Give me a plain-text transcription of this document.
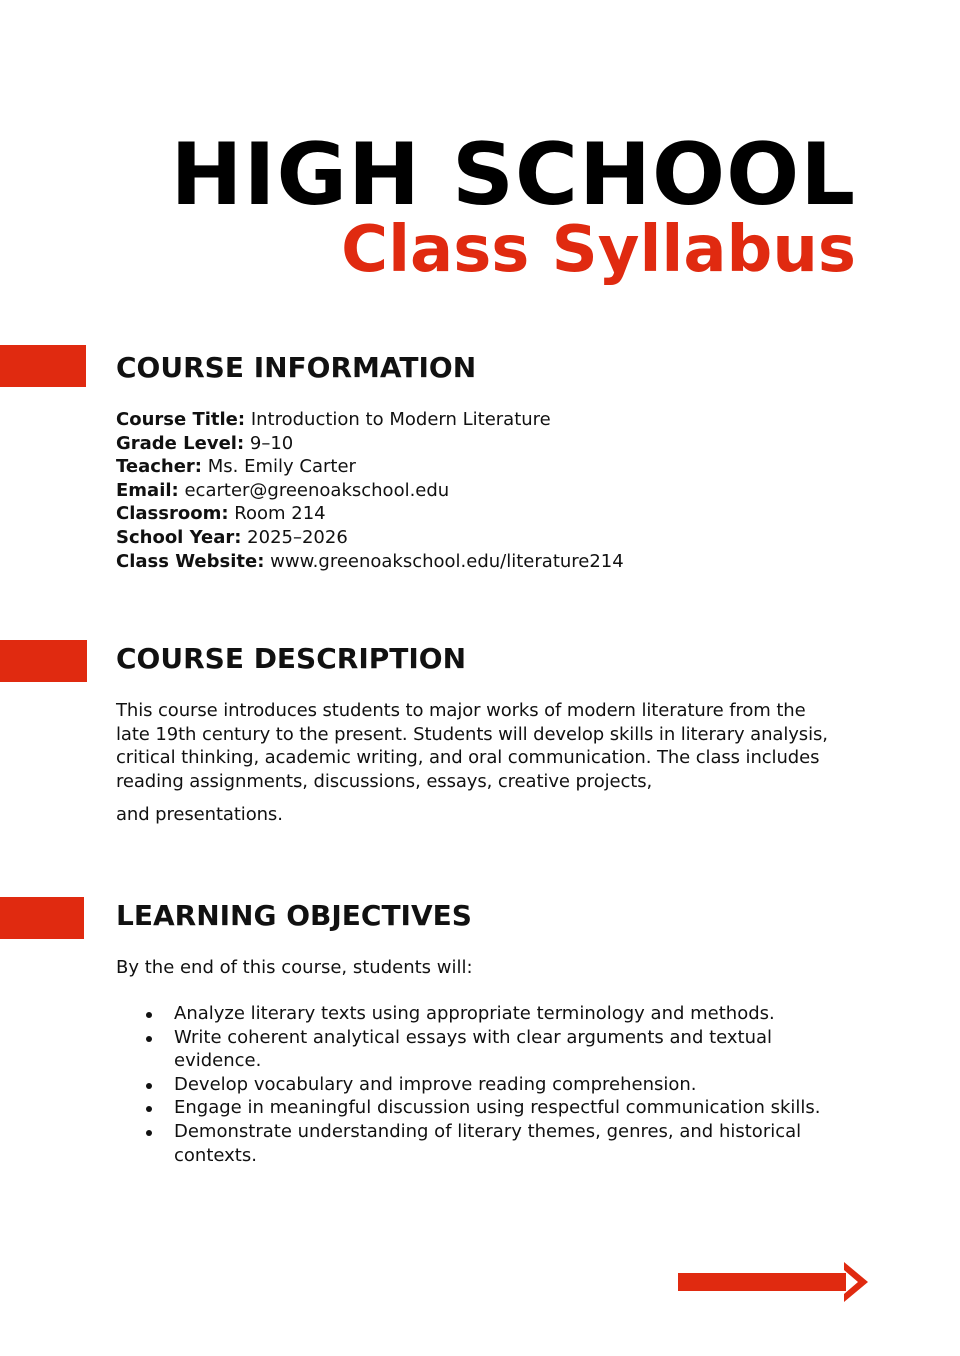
HIGH SCHOOL
Class Syllabus
COURSE INFORMATION
Course Title: Introduction to Modern Literature
Grade Level: 9–10
Teacher: Ms. Emily Carter
Email: ecarter@greenoakschool.edu
Classroom: Room 214
School Year: 2025–2026
Class Website: www.greenoakschool.edu/literature214
COURSE DESCRIPTION

This course introduces students to major works of modern literature from the late 19th century to the present. Students will develop skills in literary analysis, critical thinking, academic writing, and oral communication. The class includes reading assignments, discussions, essays, creative projects,

and presentations.

LEARNING OBJECTIVES

By the end of this course, students will:

Analyze literary texts using appropriate terminology and methods.
Write coherent analytical essays with clear arguments and textual evidence.
Develop vocabulary and improve reading comprehension.
Engage in meaningful discussion using respectful communication skills.
Demonstrate understanding of literary themes, genres, and historical contexts.
